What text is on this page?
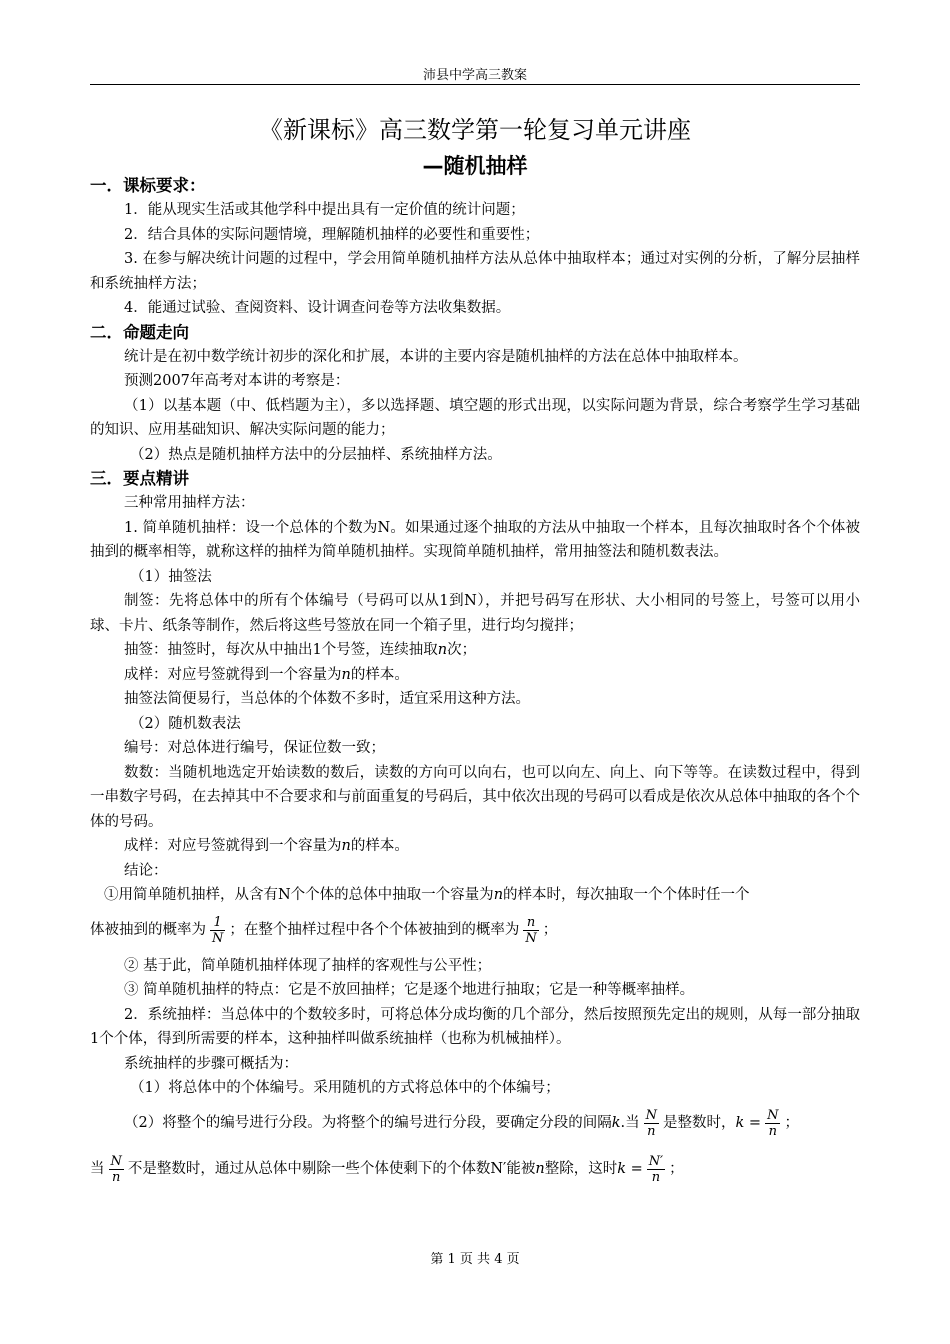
沛县中学高三教案
《新课标》高三数学第一轮复习单元讲座
—随机抽样
一．课标要求：
1．能从现实生活或其他学科中提出具有一定价值的统计问题；
2．结合具体的实际问题情境，理解随机抽样的必要性和重要性；
3. 在参与解决统计问题的过程中，学会用简单随机抽样方法从总体中抽取样本；通过对实例的分析，了解分层抽样和系统抽样方法；
4．能通过试验、查阅资料、设计调查问卷等方法收集数据。
二．命题走向
统计是在初中数学统计初步的深化和扩展，本讲的主要内容是随机抽样的方法在总体中抽取样本。
预测2007年高考对本讲的考察是：
（1）以基本题（中、低档题为主），多以选择题、填空题的形式出现，以实际问题为背景，综合考察学生学习基础的知识、应用基础知识、解决实际问题的能力；
（2）热点是随机抽样方法中的分层抽样、系统抽样方法。
三．要点精讲
三种常用抽样方法：
1. 简单随机抽样：设一个总体的个数为N。如果通过逐个抽取的方法从中抽取一个样本，且每次抽取时各个个体被抽到的概率相等，就称这样的抽样为简单随机抽样。实现简单随机抽样，常用抽签法和随机数表法。
（1）抽签法
制签：先将总体中的所有个体编号（号码可以从1到N），并把号码写在形状、大小相同的号签上，号签可以用小球、卡片、纸条等制作，然后将这些号签放在同一个箱子里，进行均匀搅拌；
抽签：抽签时，每次从中抽出1个号签，连续抽取n次；
成样：对应号签就得到一个容量为n的样本。
抽签法简便易行，当总体的个体数不多时，适宜采用这种方法。
（2）随机数表法
编号：对总体进行编号，保证位数一致；
数数：当随机地选定开始读数的数后，读数的方向可以向右，也可以向左、向上、向下等等。在读数过程中，得到一串数字号码，在去掉其中不合要求和与前面重复的号码后，其中依次出现的号码可以看成是依次从总体中抽取的各个个体的号码。
成样：对应号签就得到一个容量为n的样本。
结论：
①用简单随机抽样，从含有N个个体的总体中抽取一个容量为n的样本时，每次抽取一个个体时任一个
体被抽到的概率为 $\frac{1}{N}$ ；在整个抽样过程中各个个体被抽到的概率为 $\frac{n}{N}$ ；
② 基于此，简单随机抽样体现了抽样的客观性与公平性；
③ 简单随机抽样的特点：它是不放回抽样；它是逐个地进行抽取；它是一种等概率抽样。
2．系统抽样：当总体中的个数较多时，可将总体分成均衡的几个部分，然后按照预先定出的规则，从每一部分抽取1个个体，得到所需要的样本，这种抽样叫做系统抽样（也称为机械抽样）。
系统抽样的步骤可概括为：
（1）将总体中的个体编号。采用随机的方式将总体中的个体编号；
（2）将整个的编号进行分段。为将整个的编号进行分段，要确定分段的间隔 k .当 $\frac{N}{n}$ 是整数时， $k = \frac{N}{n}$ ；
当 $\frac{N}{n}$ 不是整数时，通过从总体中剔除一些个体使剩下的个体数N′能被 n 整除，这时 $k = \frac{N'}{n}$ ；
第 1 页 共 4 页
